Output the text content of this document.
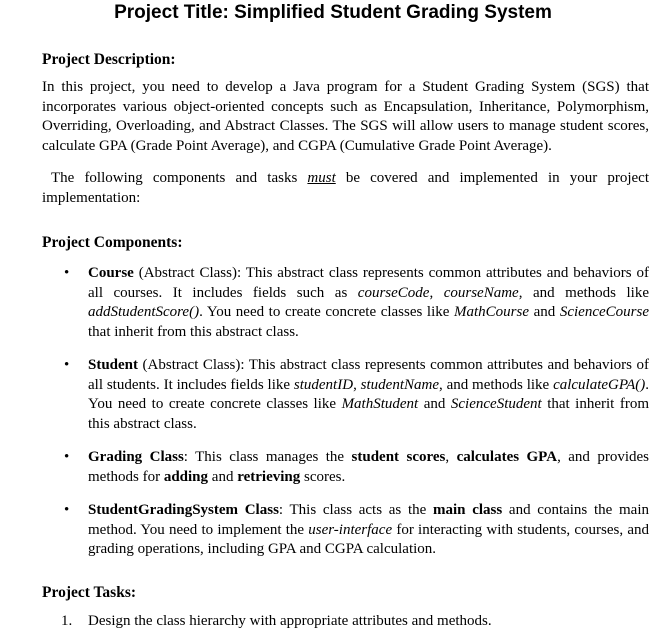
Project Title: Simplified Student Grading System

Project Description:

In this project, you need to develop a Java program for a Student Grading System (SGS) that incorporates various object-oriented concepts such as Encapsulation, Inheritance, Polymorphism, Overriding, Overloading, and Abstract Classes. The SGS will allow users to manage student scores, calculate GPA (Grade Point Average), and CGPA (Cumulative Grade Point Average).

The following components and tasks must be covered and implemented in your project implementation:

Project Components:

• Course (Abstract Class): This abstract class represents common attributes and behaviors of all courses. It includes fields such as courseCode, courseName, and methods like addStudentScore(). You need to create concrete classes like MathCourse and ScienceCourse that inherit from this abstract class.
• Student (Abstract Class): This abstract class represents common attributes and behaviors of all students. It includes fields like studentID, studentName, and methods like calculateGPA(). You need to create concrete classes like MathStudent and ScienceStudent that inherit from this abstract class.
• Grading Class: This class manages the student scores, calculates GPA, and provides methods for adding and retrieving scores.
• StudentGradingSystem Class: This class acts as the main class and contains the main method. You need to implement the user-interface for interacting with students, courses, and grading operations, including GPA and CGPA calculation.

Project Tasks:

1. Design the class hierarchy with appropriate attributes and methods.
